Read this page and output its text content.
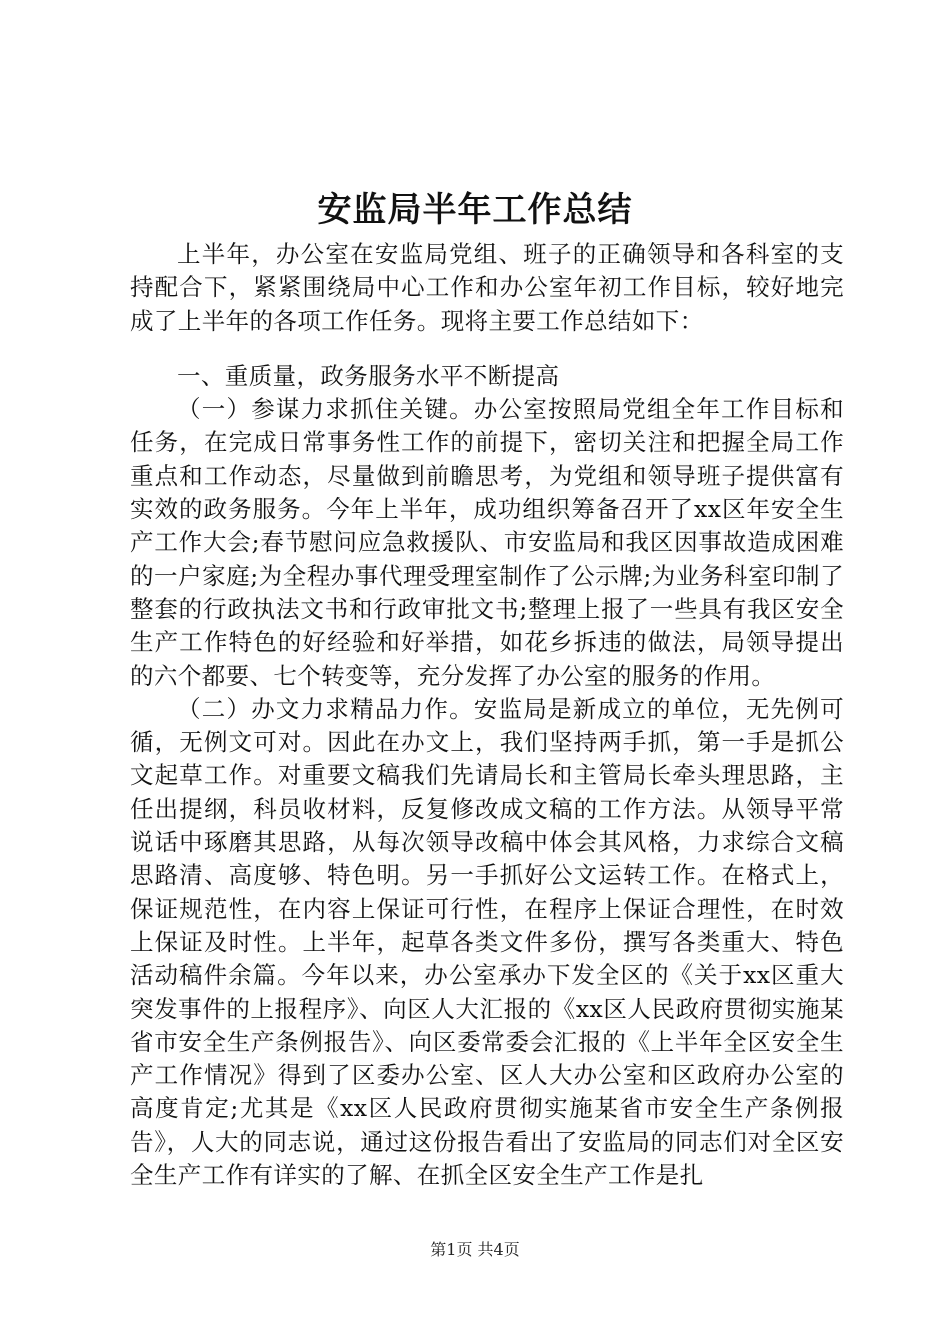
安监局半年工作总结

上半年，办公室在安监局党组、班子的正确领导和各科室的支持配合下，紧紧围绕局中心工作和办公室年初工作目标，较好地完成了上半年的各项工作任务。现将主要工作总结如下：

一、重质量，政务服务水平不断提高

（一）参谋力求抓住关键。办公室按照局党组全年工作目标和任务，在完成日常事务性工作的前提下，密切关注和把握全局工作重点和工作动态，尽量做到前瞻思考，为党组和领导班子提供富有实效的政务服务。今年上半年，成功组织筹备召开了xx区年安全生产工作大会;春节慰问应急救援队、市安监局和我区因事故造成困难的一户家庭;为全程办事代理受理室制作了公示牌;为业务科室印制了整套的行政执法文书和行政审批文书;整理上报了一些具有我区安全生产工作特色的好经验和好举措，如花乡拆违的做法，局领导提出的六个都要、七个转变等，充分发挥了办公室的服务的作用。

（二）办文力求精品力作。安监局是新成立的单位，无先例可循，无例文可对。因此在办文上，我们坚持两手抓，第一手是抓公文起草工作。对重要文稿我们先请局长和主管局长牵头理思路，主任出提纲，科员收材料，反复修改成文稿的工作方法。从领导平常说话中琢磨其思路，从每次领导改稿中体会其风格，力求综合文稿思路清、高度够、特色明。另一手抓好公文运转工作。在格式上，保证规范性，在内容上保证可行性，在程序上保证合理性，在时效上保证及时性。上半年，起草各类文件多份，撰写各类重大、特色活动稿件余篇。今年以来，办公室承办下发全区的《关于xx区重大突发事件的上报程序》、向区人大汇报的《xx区人民政府贯彻实施某省市安全生产条例报告》、向区委常委会汇报的《上半年全区安全生产工作情况》得到了区委办公室、区人大办公室和区政府办公室的高度肯定;尤其是《xx区人民政府贯彻实施某省市安全生产条例报告》，人大的同志说，通过这份报告看出了安监局的同志们对全区安全生产工作有详实的了解、在抓全区安全生产工作是扎

第1页 共4页
